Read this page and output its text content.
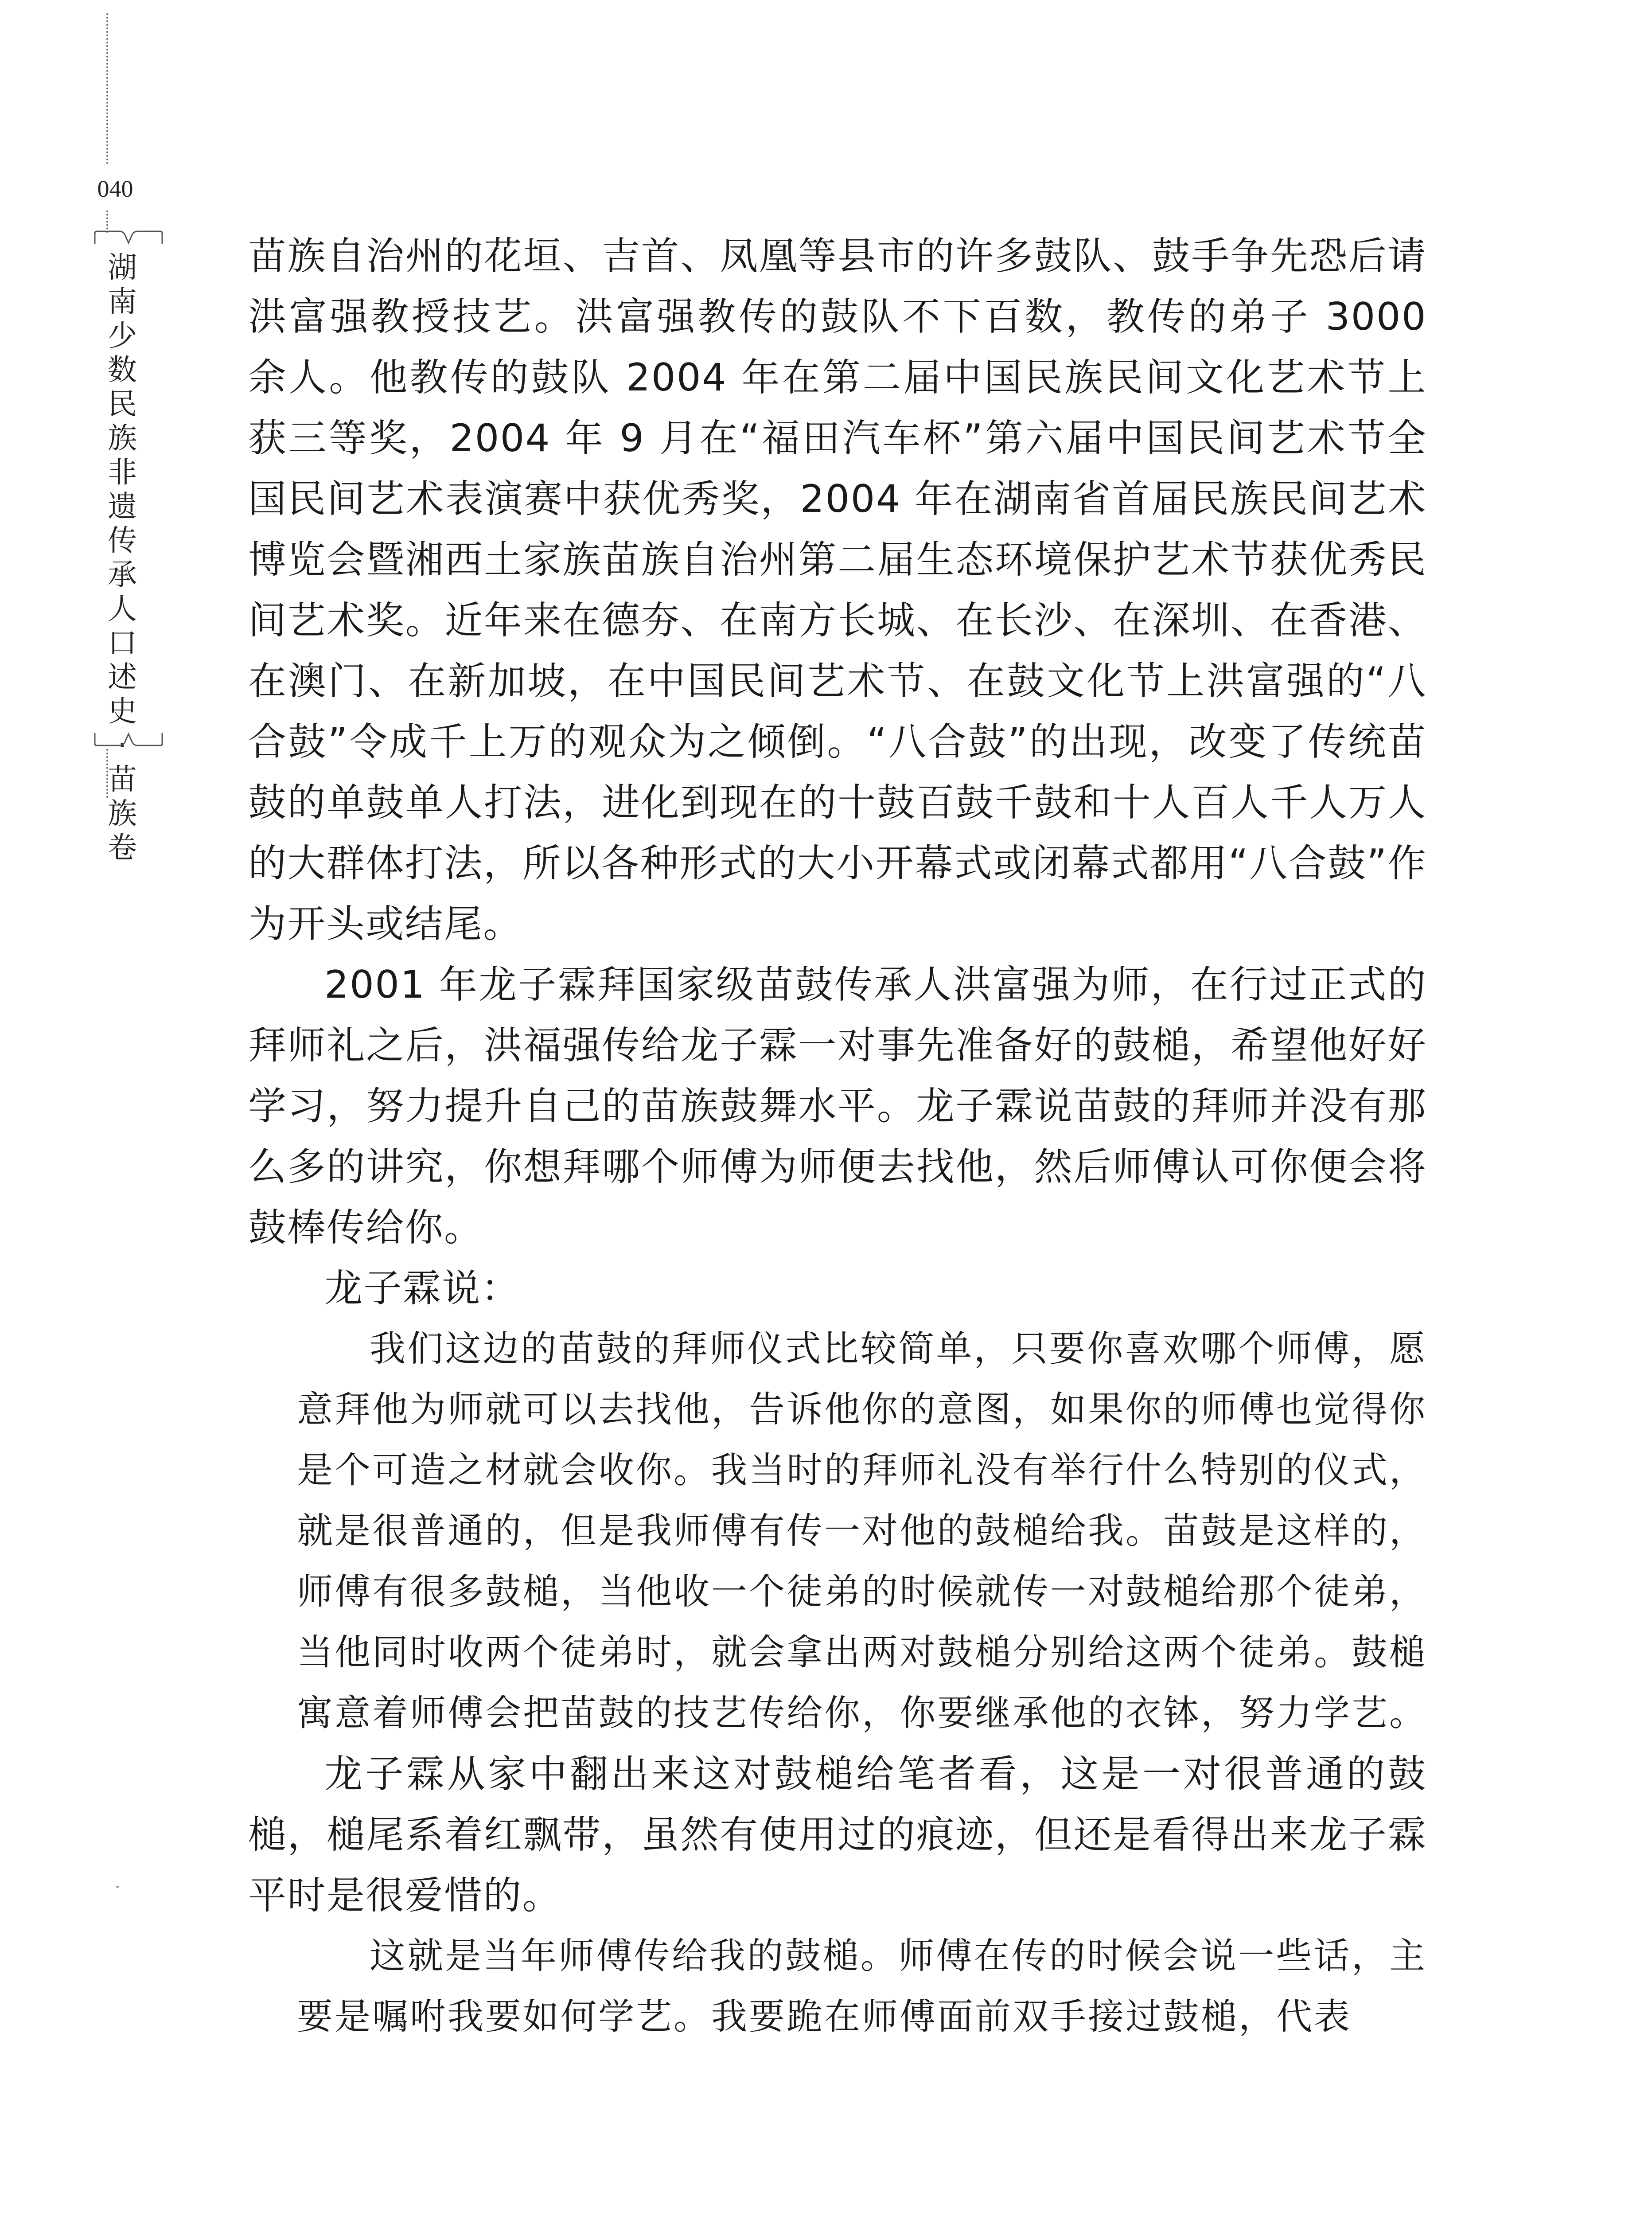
040
湖
南
少
数
民
族
非
遗
传
承
人
口
述
史
·
苗
族
卷

苗族自治州的花垣、吉首、凤凰等县市的许多鼓队、鼓手争先恐后请洪富强教授技艺。洪富强教传的鼓队不下百数，教传的弟子 3000 余人。他教传的鼓队 2004 年在第二届中国民族民间文化艺术节上获三等奖，2004 年 9 月在“福田汽车杯”第六届中国民间艺术节全国民间艺术表演赛中获优秀奖，2004 年在湖南省首届民族民间艺术博览会暨湘西土家族苗族自治州第二届生态环境保护艺术节获优秀民间艺术奖。近年来在德夯、在南方长城、在长沙、在深圳、在香港、在澳门、在新加坡，在中国民间艺术节、在鼓文化节上洪富强的“八合鼓”令成千上万的观众为之倾倒。“八合鼓”的出现，改变了传统苗鼓的单鼓单人打法，进化到现在的十鼓百鼓千鼓和十人百人千人万人的大群体打法，所以各种形式的大小开幕式或闭幕式都用“八合鼓”作为开头或结尾。

2001 年龙子霖拜国家级苗鼓传承人洪富强为师，在行过正式的拜师礼之后，洪福强传给龙子霖一对事先准备好的鼓槌，希望他好好学习，努力提升自己的苗族鼓舞水平。龙子霖说苗鼓的拜师并没有那么多的讲究，你想拜哪个师傅为师便去找他，然后师傅认可你便会将鼓棒传给你。

龙子霖说：

我们这边的苗鼓的拜师仪式比较简单，只要你喜欢哪个师傅，愿意拜他为师就可以去找他，告诉他你的意图，如果你的师傅也觉得你是个可造之材就会收你。我当时的拜师礼没有举行什么特别的仪式，就是很普通的，但是我师傅有传一对他的鼓槌给我。苗鼓是这样的，师傅有很多鼓槌，当他收一个徒弟的时候就传一对鼓槌给那个徒弟，当他同时收两个徒弟时，就会拿出两对鼓槌分别给这两个徒弟。鼓槌寓意着师傅会把苗鼓的技艺传给你，你要继承他的衣钵，努力学艺。

龙子霖从家中翻出来这对鼓槌给笔者看，这是一对很普通的鼓槌，槌尾系着红飘带，虽然有使用过的痕迹，但还是看得出来龙子霖平时是很爱惜的。

这就是当年师傅传给我的鼓槌。师傅在传的时候会说一些话，主要是嘱咐我要如何学艺。我要跪在师傅面前双手接过鼓槌，代表
